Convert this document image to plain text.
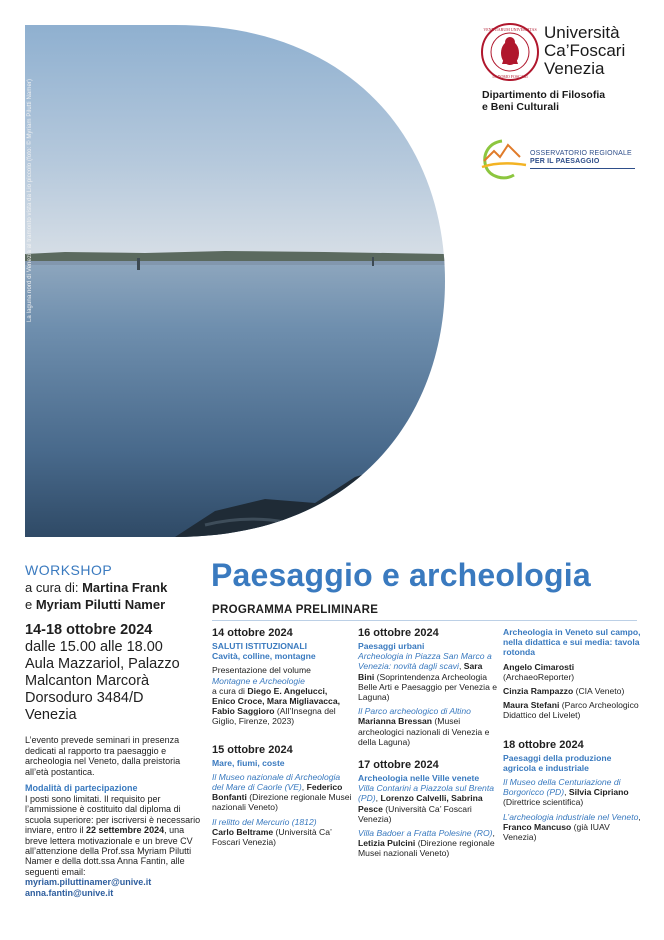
La laguna nord di Venezia al tramonto vista da Lio piccolo (foto: © Myriam Pilutti Namer)
VENETIARUM UNIVERSITAS
IN DOMO FOSCARI
Università
Ca’Foscari
Venezia
Dipartimento di Filosofia
e Beni Culturali
OSSERVATORIO REGIONALE
PER IL PAESAGGIO
WORKSHOP
a cura di: Martina Frank
e Myriam Pilutti Namer
14-18 ottobre 2024
dalle 15.00 alle 18.00
Aula Mazzariol, Palazzo
Malcanton Marcorà
Dorsoduro 3484/D
Venezia
L’evento prevede seminari in presenza dedicati al rapporto tra paesaggio e archeologia nel Veneto, dalla preistoria all’età postantica.
Modalità di partecipazione
I posti sono limitati. Il requisito per l’ammissione è costituito dal diploma di scuola superiore: per iscriversi è necessario inviare, entro il 22 settembre 2024, una breve lettera motivazionale e un breve CV all’attenzione della Prof.ssa Myriam Pilutti Namer e della dott.ssa Anna Fantin, alle seguenti email:
myriam.piluttinamer@unive.it
anna.fantin@unive.it
Paesaggio e archeologia
PROGRAMMA PRELIMINARE
14 ottobre 2024
SALUTI ISTITUZIONALI
Cavità, colline, montagne
Presentazione del volume
Montagne e Archeologie
a cura di Diego E. Angelucci, Enico Croce, Mara Migliavacca, Fabio Saggioro (All’Insegna del Giglio, Firenze, 2023)
15 ottobre 2024
Mare, fiumi, coste
Il Museo nazionale di Archeologia del Mare di Caorle (VE), Federico Bonfanti (Direzione regionale Musei nazionali Veneto)
Il relitto del Mercurio (1812)
Carlo Beltrame (Università Ca’ Foscari Venezia)
16 ottobre 2024
Paesaggi urbani
Archeologia in Piazza San Marco a Venezia: novità dagli scavi, Sara Bini (Soprintendenza Archeologia Belle Arti e Paesaggio per Venezia e Laguna)
Il Parco archeologico di Altino
Marianna Bressan (Musei archeologici nazionali di Venezia e della Laguna)
17 ottobre 2024
Archeologia nelle Ville venete
Villa Contarini a Piazzola sul Brenta (PD), Lorenzo Calvelli, Sabrina Pesce (Università Ca’ Foscari Venezia)
Villa Badoer a Fratta Polesine (RO), Letizia Pulcini (Direzione regionale Musei nazionali Veneto)
Archeologia in Veneto sul campo, nella didattica e sui media: tavola rotonda
Angelo Cimarosti
(ArchaeoReporter)
Cinzia Rampazzo (CIA Veneto)
Maura Stefani (Parco Archeologico Didattico del Livelet)
18 ottobre 2024
Paesaggi della produzione agricola e industriale
Il Museo della Centuriazione di Borgoricco (PD), Silvia Cipriano (Direttrice scientifica)
L’archeologia industriale nel Veneto, Franco Mancuso (già IUAV Venezia)
